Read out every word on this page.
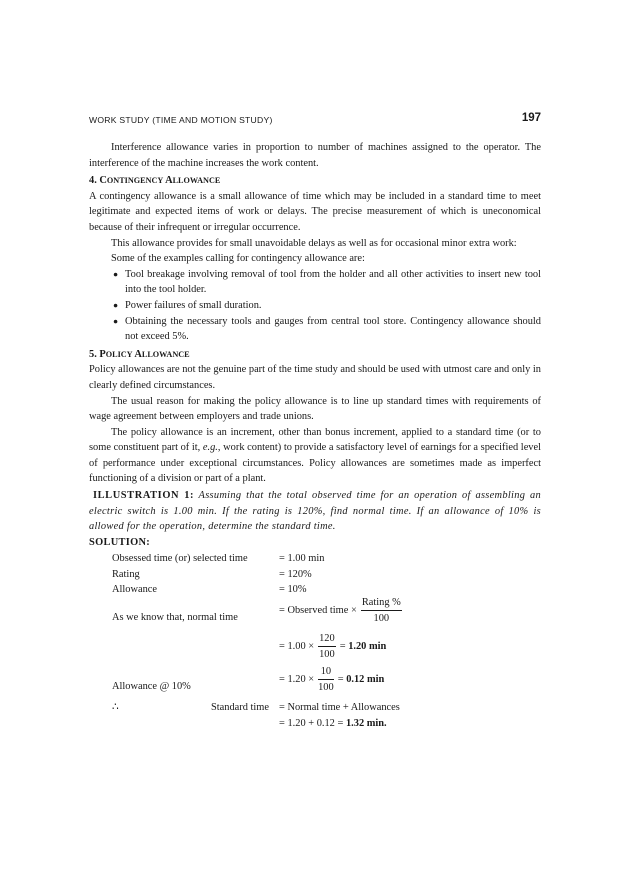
WORK STUDY (TIME AND MOTION STUDY)	197

Interference allowance varies in proportion to number of machines assigned to the operator. The interference of the machine increases the work content.

4. CONTINGENCY ALLOWANCE

A contingency allowance is a small allowance of time which may be included in a standard time to meet legitimate and expected items of work or delays. The precise measurement of which is uneconomical because of their infrequent or irregular occurrence.

This allowance provides for small unavoidable delays as well as for occasional minor extra work:

Some of the examples calling for contingency allowance are:

● Tool breakage involving removal of tool from the holder and all other activities to insert new tool into the tool holder.
● Power failures of small duration.
● Obtaining the necessary tools and gauges from central tool store. Contingency allowance should not exceed 5%.

5. POLICY ALLOWANCE

Policy allowances are not the genuine part of the time study and should be used with utmost care and only in clearly defined circumstances.

The usual reason for making the policy allowance is to line up standard times with requirements of wage agreement between employers and trade unions.

The policy allowance is an increment, other than bonus increment, applied to a standard time (or to some constituent part of it, e.g., work content) to provide a satisfactory level of earnings for a specified level of performance under exceptional circumstances. Policy allowances are sometimes made as imperfect functioning of a division or part of a plant.

ILLUSTRATION 1: Assuming that the total observed time for an operation of assembling an electric switch is 1.00 min. If the rating is 120%, find normal time. If an allowance of 10% is allowed for the operation, determine the standard time.

SOLUTION:

Obsessed time (or) selected time	= 1.00 min
Rating	= 120%
Allowance	= 10%
As we know that, normal time
= Observed time × $\frac{\text{Rating \%}}{100}$
= $1.00 \times \frac{120}{100} = 1.20$ min
Allowance @ 10%
= $1.20 \times \frac{10}{100} = 0.12$ min
∴	Standard time = Normal time + Allowances
= 1.20 + 0.12 = 1.32 min.
